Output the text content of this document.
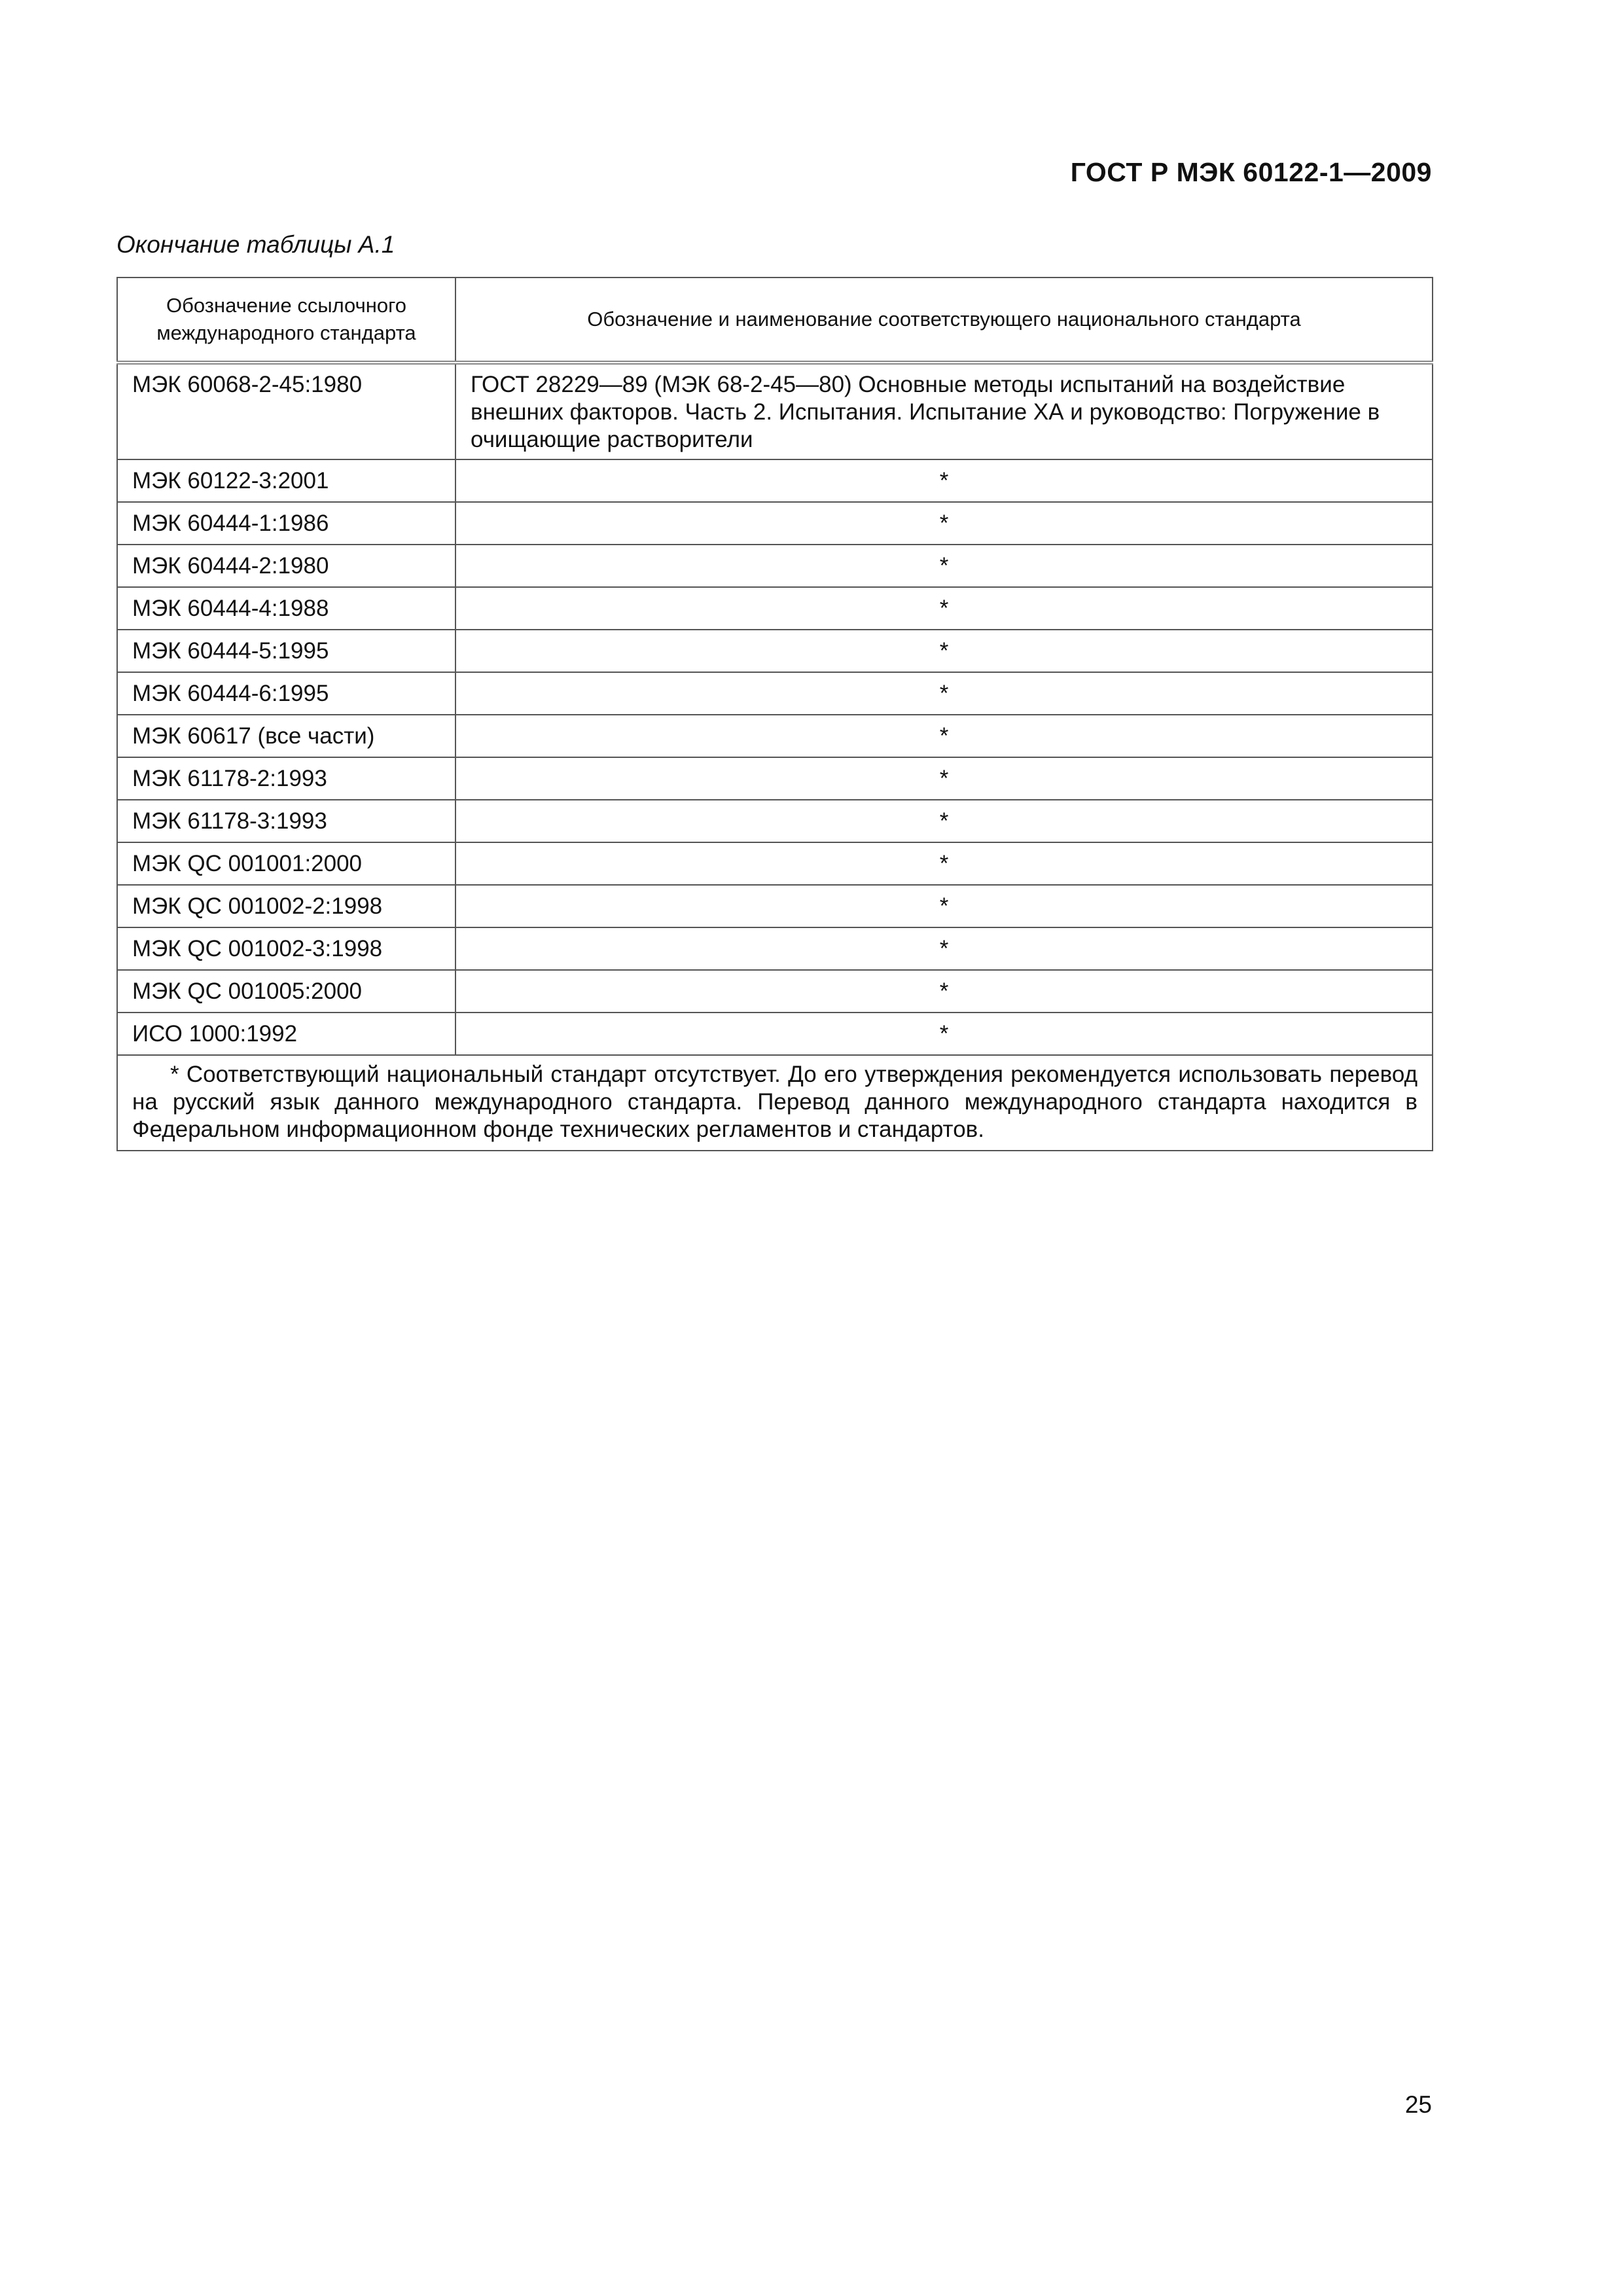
ГОСТ Р МЭК 60122-1—2009
Окончание таблицы А.1
Обозначение ссылочного международного стандарта	Обозначение и наименование соответствующего национального стандарта
МЭК 60068-2-45:1980	ГОСТ 28229—89 (МЭК 68-2-45—80) Основные методы испытаний на воздействие внешних факторов. Часть 2. Испытания. Испытание ХА и руководство: Погружение в очищающие растворители
МЭК 60122-3:2001	*
МЭК 60444-1:1986	*
МЭК 60444-2:1980	*
МЭК 60444-4:1988	*
МЭК 60444-5:1995	*
МЭК 60444-6:1995	*
МЭК 60617 (все части)	*
МЭК 61178-2:1993	*
МЭК 61178-3:1993	*
МЭК QC 001001:2000	*
МЭК QC 001002-2:1998	*
МЭК QC 001002-3:1998	*
МЭК QC 001005:2000	*
ИСО 1000:1992	*
* Соответствующий национальный стандарт отсутствует. До его утверждения рекомендуется использовать перевод на русский язык данного международного стандарта. Перевод данного международного стандарта находится в Федеральном информационном фонде технических регламентов и стандартов.	
25
